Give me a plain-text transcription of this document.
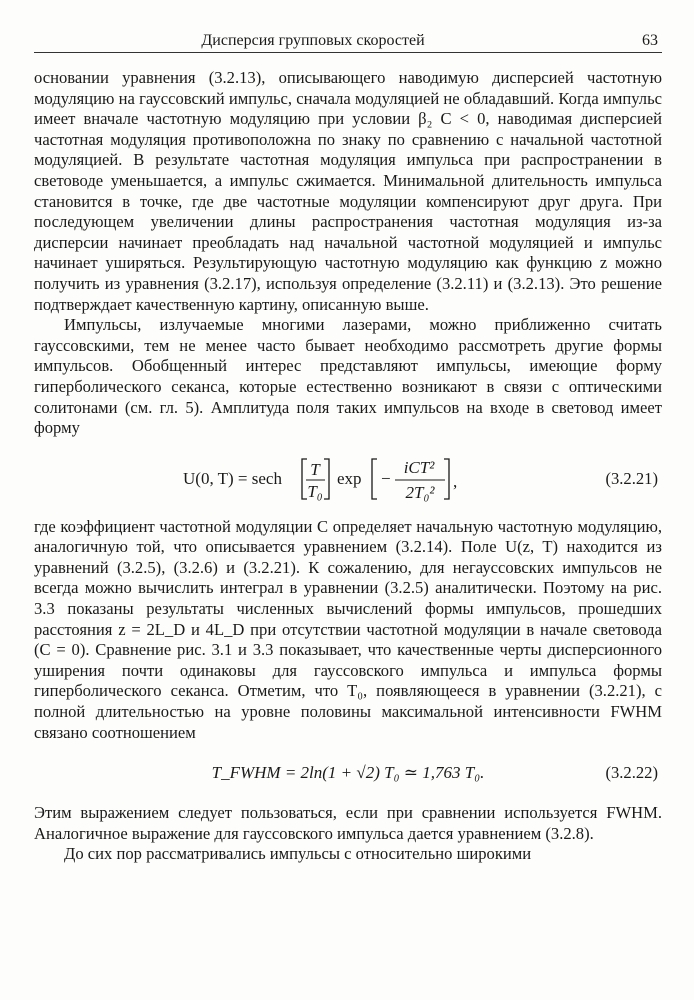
Дисперсия групповых скоростей	63

основании уравнения (3.2.13), описывающего наводимую дисперсией частотную модуляцию на гауссовский импульс, сначала модуляцией не обладавший. Когда импульс имеет вначале частотную модуляцию при условии β₂ C < 0, наводимая дисперсией частотная модуляция противоположна по знаку по сравнению с начальной частотной модуляцией. В результате частотная модуляция импульса при распространении в световоде уменьшается, а импульс сжимается. Минимальной длительность импульса становится в точке, где две частотные модуляции компенсируют друг друга. При последующем увеличении длины распространения частотная модуляция из-за дисперсии начинает преобладать над начальной частотной модуляцией и импульс начинает уширяться. Результирующую частотную модуляцию как функцию z можно получить из уравнения (3.2.17), используя определение (3.2.11) и (3.2.13). Это решение подтверждает качественную картину, описанную выше.

Импульсы, излучаемые многими лазерами, можно приближенно считать гауссовскими, тем не менее часто бывает необходимо рассмотреть другие формы импульсов. Обобщенный интерес представляют импульсы, имеющие форму гиперболического секанса, которые естественно возникают в связи с оптическими солитонами (см. гл. 5). Амплитуда поля таких импульсов на входе в световод имеет форму

U(0, T) = sech T
T₀
exp −
iCT²
2T₀²
,	(3.2.21)

где коэффициент частотной модуляции C определяет начальную частотную модуляцию, аналогичную той, что описывается уравнением (3.2.14). Поле U(z, T) находится из уравнений (3.2.5), (3.2.6) и (3.2.21). К сожалению, для негауссовских импульсов не всегда можно вычислить интеграл в уравнении (3.2.5) аналитически. Поэтому на рис. 3.3 показаны результаты численных вычислений формы импульсов, прошедших расстояния z = 2L_D и 4L_D при отсутствии частотной модуляции в начале световода (C = 0). Сравнение рис. 3.1 и 3.3 показывает, что качественные черты дисперсионного уширения почти одинаковы для гауссовского импульса и импульса формы гиперболического секанса. Отметим, что T₀, появляющееся в уравнении (3.2.21), с полной длительностью на уровне половины максимальной интенсивности FWHM связано соотношением

T_FWHM = 2ln(1 + √2) T₀ ≃ 1,763 T₀.	(3.2.22)

Этим выражением следует пользоваться, если при сравнении используется FWHM. Аналогичное выражение для гауссовского импульса дается уравнением (3.2.8).

До сих пор рассматривались импульсы с относительно широкими
